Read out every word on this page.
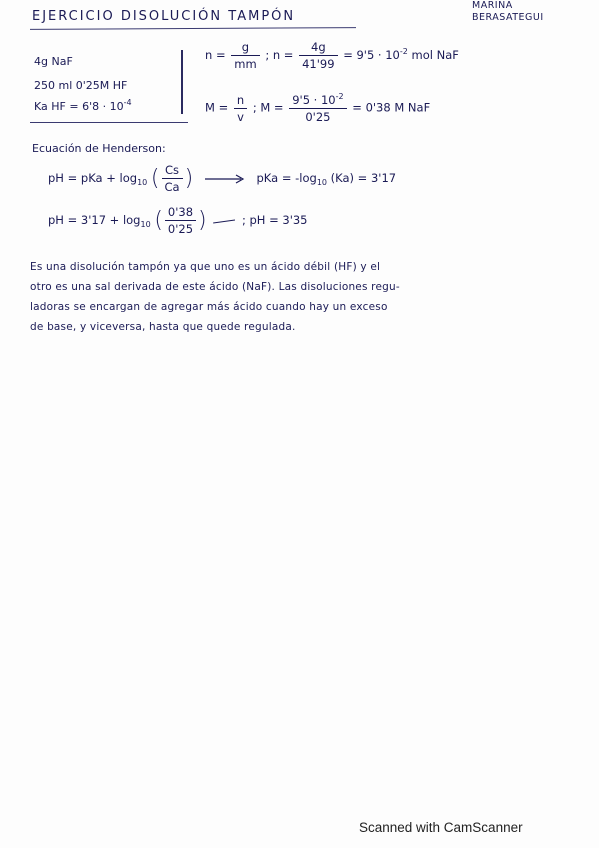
EJERCICIO DISOLUCIÓN TAMPÓN
MARINA
BERASATEGUI
4g NaF
250 ml 0'25M HF
Ka HF = $6'8 \cdot 10^{-4}$
$n = \frac{g}{mm}$ ; $n = \frac{4g}{41'99} = 9'5 \cdot 10^{-2}$ mol NaF
$M = \frac{n}{v}$ ; $M = \frac{9'5 \cdot 10^{-2}}{0'25} = 0'38$ M NaF
Ecuación de Henderson:
pH = pKa + $\log_{10}$ ( $\frac{Cs}{Ca}$ )	pKa = $-\log_{10}$ (Ka) = 3'17
pH = $3'17 + \log_{10}$ ( $\frac{0'38}{0'25}$ )	; pH = 3'35
Es una disolución tampón ya que uno es un ácido débil (HF) y el
otro es una sal derivada de este ácido (NaF). Las disoluciones regu-
ladoras se encargan de agregar más ácido cuando hay un exceso
de base, y viceversa, hasta que quede regulada.
Scanned with CamScanner
